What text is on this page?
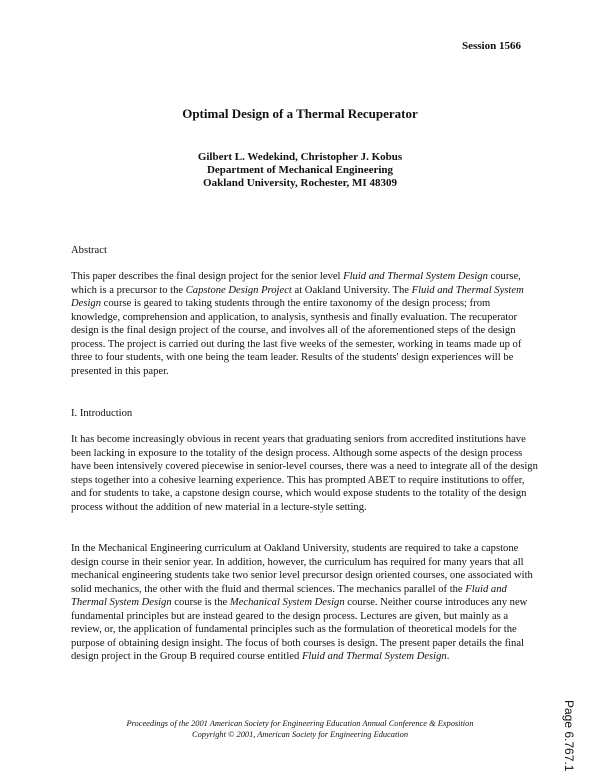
Session 1566
Optimal Design of a Thermal Recuperator
Gilbert L. Wedekind, Christopher J. Kobus
Department of Mechanical Engineering
Oakland University, Rochester, MI 48309
Abstract

This paper describes the final design project for the senior level Fluid and Thermal System Design course, which is a precursor to the Capstone Design Project at Oakland University. The Fluid and Thermal System Design course is geared to taking students through the entire taxonomy of the design process; from knowledge, comprehension and application, to analysis, synthesis and finally evaluation. The recuperator design is the final design project of the course, and involves all of the aforementioned steps of the design process. The project is carried out during the last five weeks of the semester, working in teams made up of three to four students, with one being the team leader. Results of the students' design experiences will be presented in this paper.

I. Introduction

It has become increasingly obvious in recent years that graduating seniors from accredited institutions have been lacking in exposure to the totality of the design process. Although some aspects of the design process have been intensively covered piecewise in senior-level courses, there was a need to integrate all of the design steps together into a cohesive learning experience. This has prompted ABET to require institutions to offer, and for students to take, a capstone design course, which would expose students to the totality of the design process without the addition of new material in a lecture-style setting.

In the Mechanical Engineering curriculum at Oakland University, students are required to take a capstone design course in their senior year. In addition, however, the curriculum has required for many years that all mechanical engineering students take two senior level precursor design oriented courses, one associated with solid mechanics, the other with the fluid and thermal sciences. The mechanics parallel of the Fluid and Thermal System Design course is the Mechanical System Design course. Neither course introduces any new fundamental principles but are instead geared to the design process. Lectures are given, but mainly as a review, or, the application of fundamental principles such as the formulation of theoretical models for the purpose of obtaining design insight. The focus of both courses is design. The present paper details the final design project in the Group B required course entitled Fluid and Thermal System Design.

Proceedings of the 2001 American Society for Engineering Education Annual Conference & Exposition
Copyright © 2001, American Society for Engineering Education	Page 6.767.1
